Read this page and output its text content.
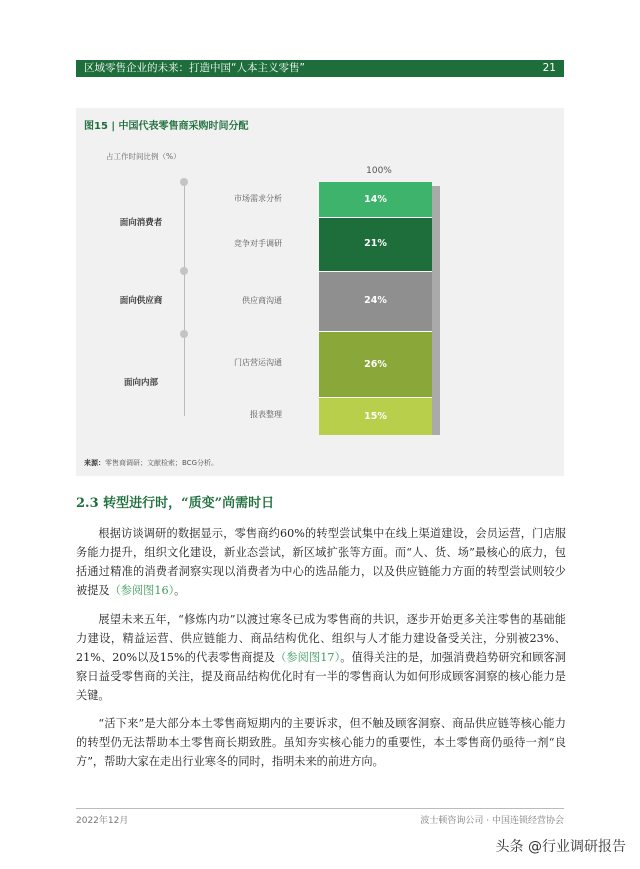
区域零售企业的未来：打造中国“人本主义零售”	21
图15 | 中国代表零售商采购时间分配
占工作时间比例（%）
100%
面向消费者
面向供应商
面向内部
市场需求分析
竞争对手调研
供应商沟通
门店营运沟通
报表整理
14%
21%
24%
26%
15%
来源：零售商调研；文献检索；BCG分析。
2.3 转型进行时，“质变”尚需时日

根据访谈调研的数据显示，零售商约60%的转型尝试集中在线上渠道建设，会员运营，门店服务能力提升，组织文化建设，新业态尝试，新区域扩张等方面。而“人、货、场”最核心的底力，包括通过精准的消费者洞察实现以消费者为中心的选品能力，以及供应链能力方面的转型尝试则较少被提及（参阅图16）。

展望未来五年，“修炼内功”以渡过寒冬已成为零售商的共识，逐步开始更多关注零售的基础能力建设，精益运营、供应链能力、商品结构优化、组织与人才能力建设备受关注，分别被23%、21%、20%以及15%的代表零售商提及（参阅图17）。值得关注的是，加强消费趋势研究和顾客洞察日益受零售商的关注，提及商品结构优化时有一半的零售商认为如何形成顾客洞察的核心能力是关键。

“活下来”是大部分本土零售商短期内的主要诉求，但不触及顾客洞察、商品供应链等核心能力的转型仍无法帮助本土零售商长期致胜。虽知夯实核心能力的重要性，本土零售商仍亟待一剂“良方”，帮助大家在走出行业寒冬的同时，指明未来的前进方向。

2022年12月	波士顿咨询公司 · 中国连锁经营协会
头条 @行业调研报告
